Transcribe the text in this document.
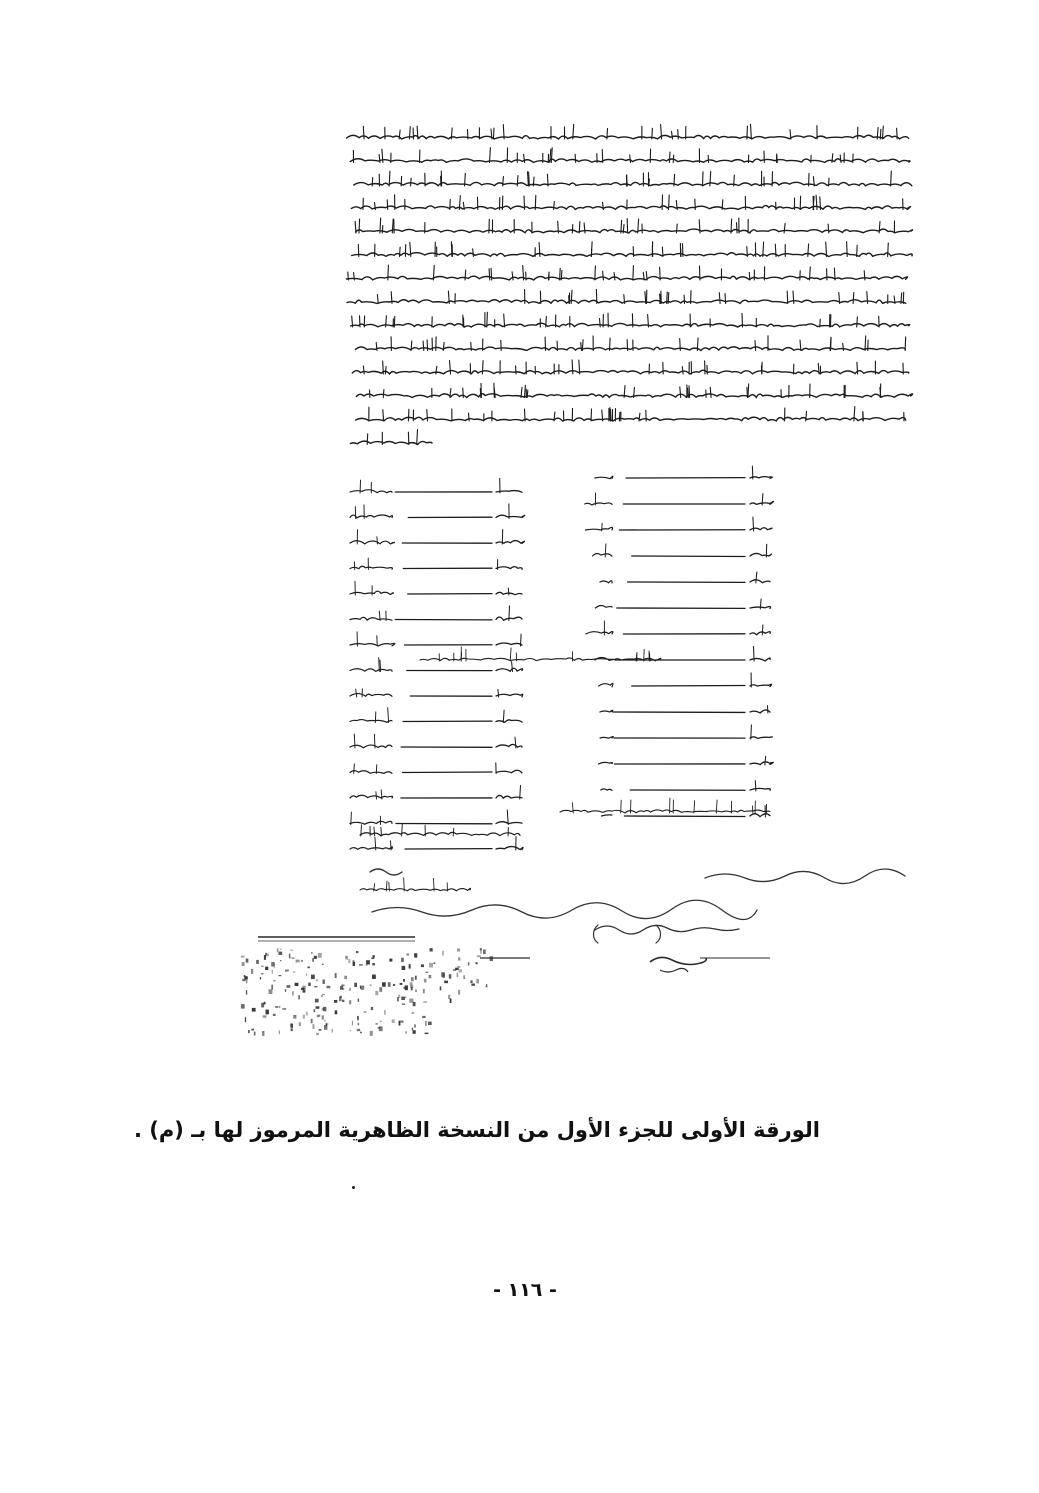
الورقة الأولى للجزء الأول من النسخة الظاهرية المرموز لها بـ (م) .
- ١١٦ -
